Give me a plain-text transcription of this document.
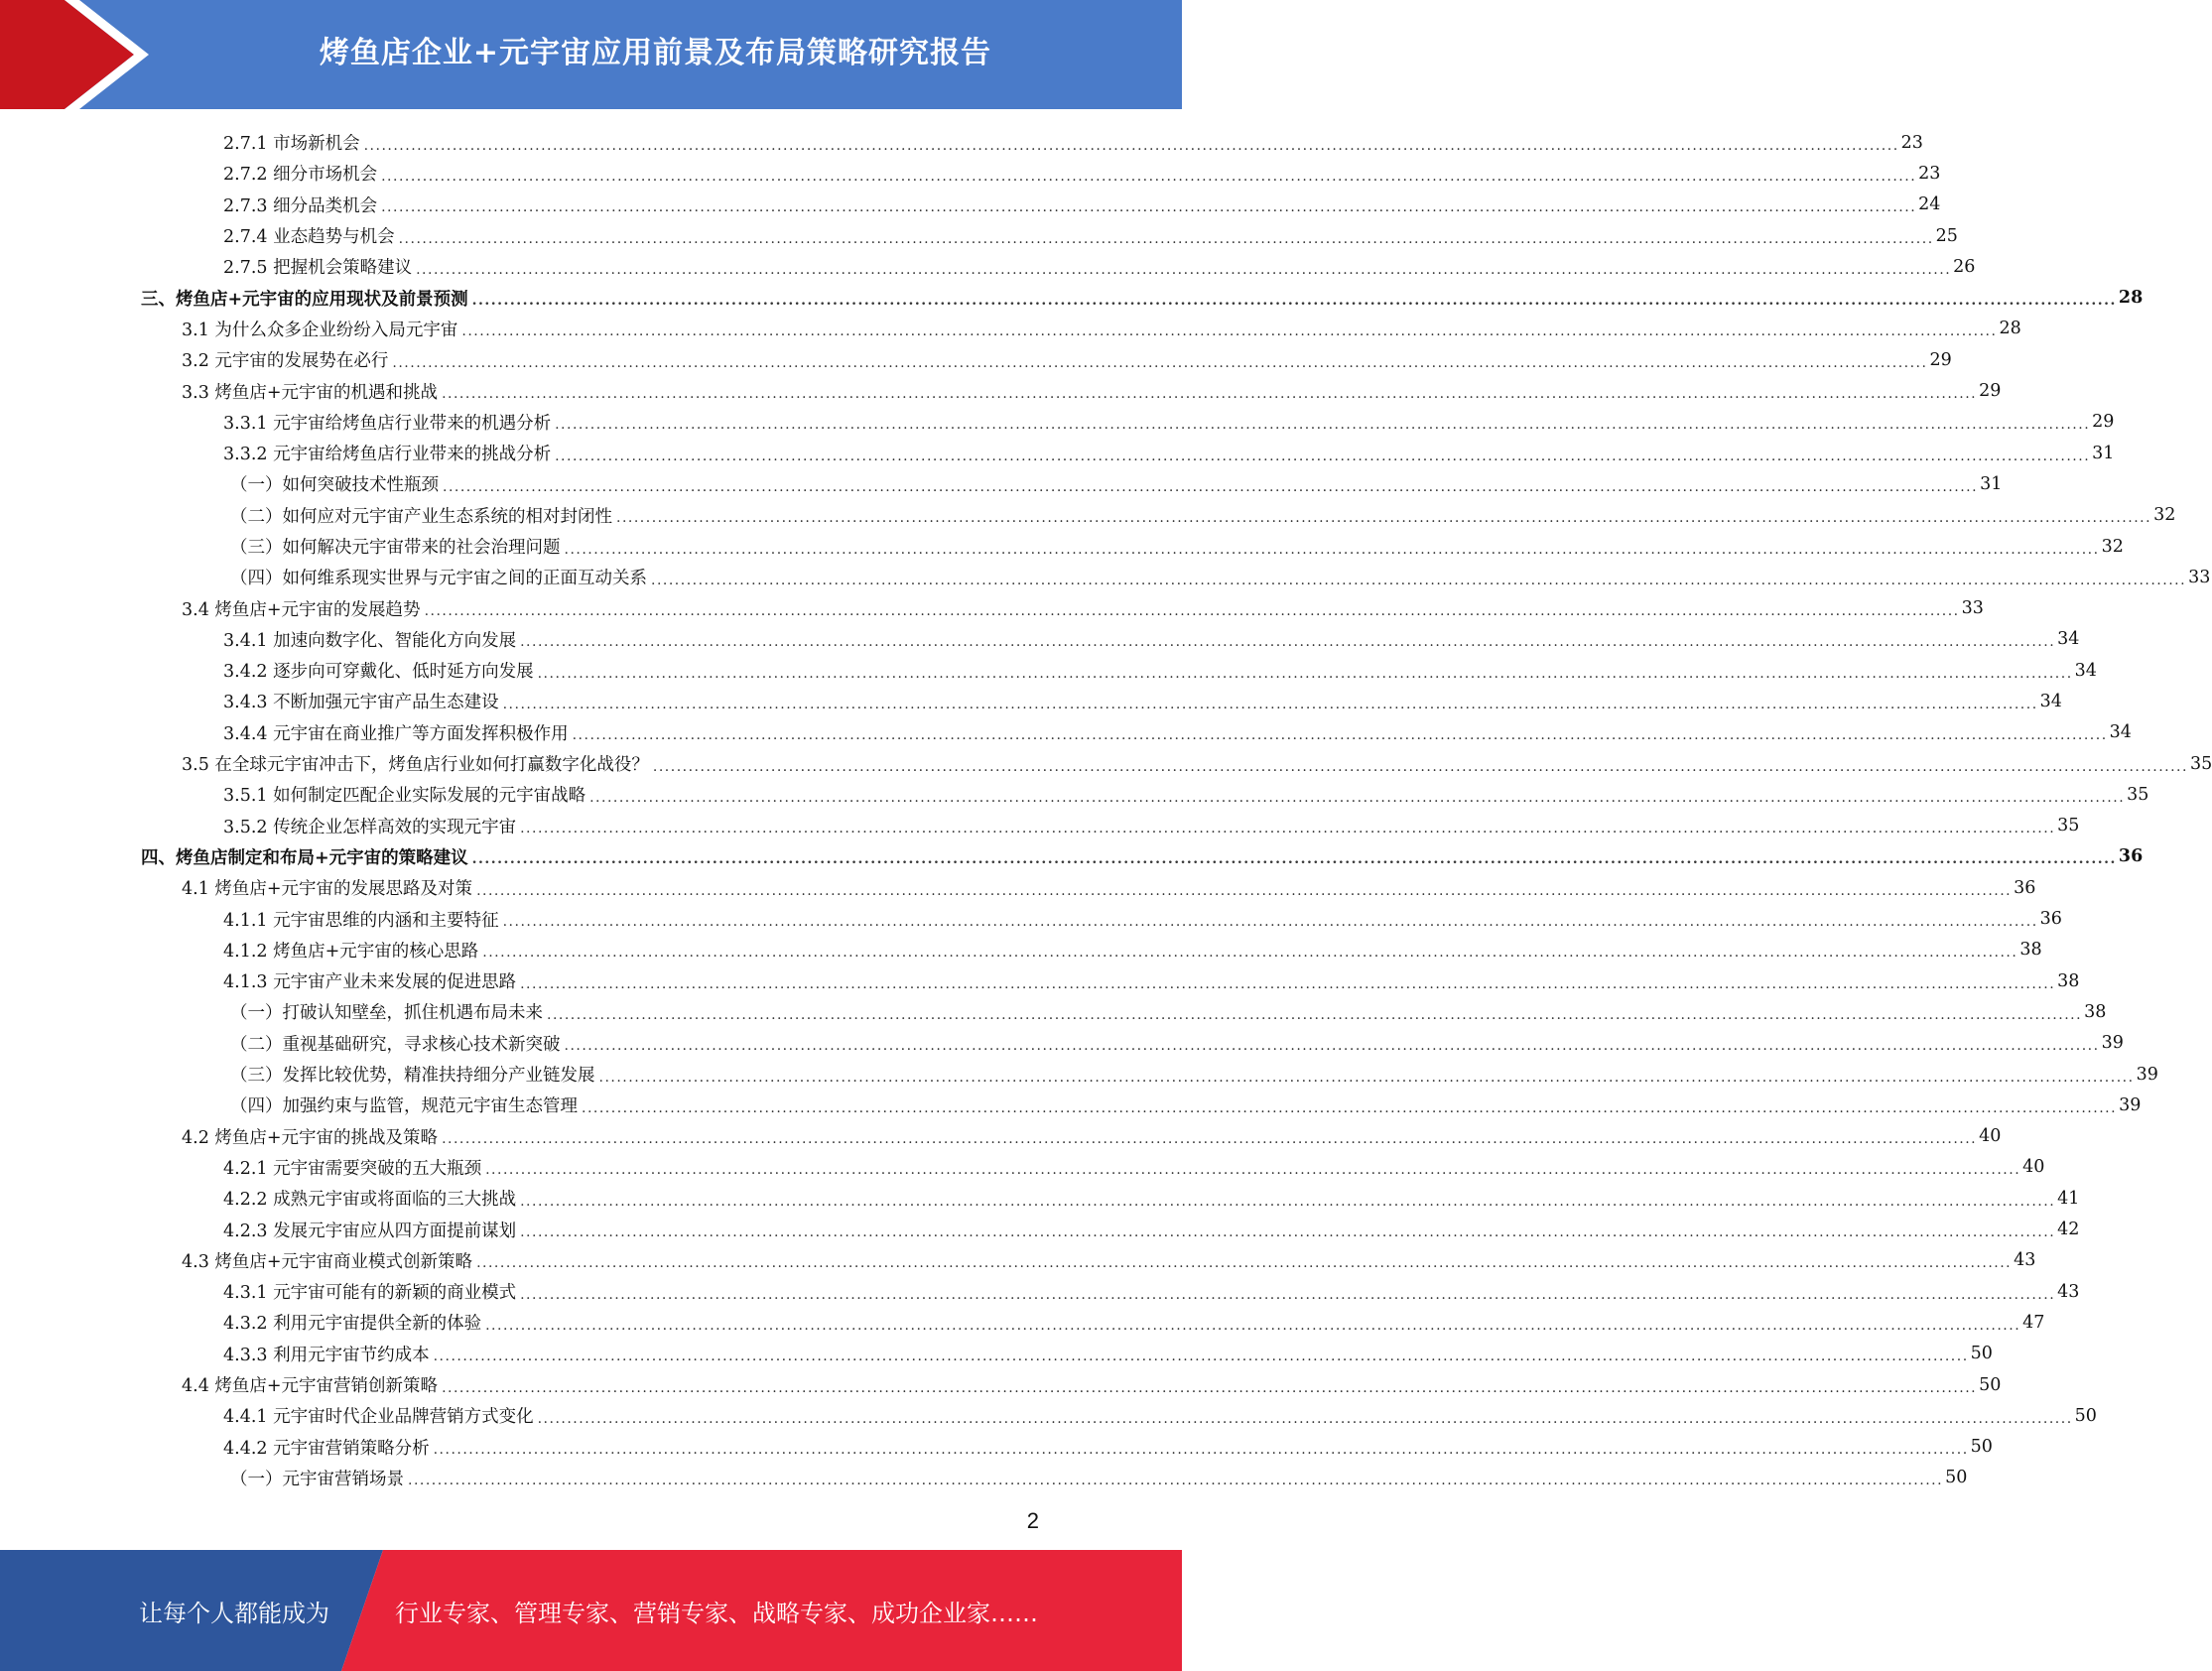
烤鱼店企业+元宇宙应用前景及布局策略研究报告
2.7.1 市场新机会 .................................................................................................................................................................................................................................................................... 23
2.7.2 细分市场机会 .................................................................................................................................................................................................................................................................... 23
2.7.3 细分品类机会 .................................................................................................................................................................................................................................................................... 24
2.7.4 业态趋势与机会 .................................................................................................................................................................................................................................................................... 25
2.7.5 把握机会策略建议 .................................................................................................................................................................................................................................................................... 26
三、烤鱼店+元宇宙的应用现状及前景预测 .................................................................................................................................................................................................................................................................... 28
3.1 为什么众多企业纷纷入局元宇宙 .................................................................................................................................................................................................................................................................... 28
3.2 元宇宙的发展势在必行 .................................................................................................................................................................................................................................................................... 29
3.3 烤鱼店+元宇宙的机遇和挑战 .................................................................................................................................................................................................................................................................... 29
3.3.1 元宇宙给烤鱼店行业带来的机遇分析 .................................................................................................................................................................................................................................................................... 29
3.3.2 元宇宙给烤鱼店行业带来的挑战分析 .................................................................................................................................................................................................................................................................... 31
（一）如何突破技术性瓶颈 .................................................................................................................................................................................................................................................................... 31
（二）如何应对元宇宙产业生态系统的相对封闭性 .................................................................................................................................................................................................................................................................... 32
（三）如何解决元宇宙带来的社会治理问题 .................................................................................................................................................................................................................................................................... 32
（四）如何维系现实世界与元宇宙之间的正面互动关系 .................................................................................................................................................................................................................................................................... 33
3.4 烤鱼店+元宇宙的发展趋势 .................................................................................................................................................................................................................................................................... 33
3.4.1 加速向数字化、智能化方向发展 .................................................................................................................................................................................................................................................................... 34
3.4.2 逐步向可穿戴化、低时延方向发展 .................................................................................................................................................................................................................................................................... 34
3.4.3 不断加强元宇宙产品生态建设 .................................................................................................................................................................................................................................................................... 34
3.4.4 元宇宙在商业推广等方面发挥积极作用 .................................................................................................................................................................................................................................................................... 34
3.5 在全球元宇宙冲击下，烤鱼店行业如何打赢数字化战役？ .................................................................................................................................................................................................................................................................... 35
3.5.1 如何制定匹配企业实际发展的元宇宙战略 .................................................................................................................................................................................................................................................................... 35
3.5.2 传统企业怎样高效的实现元宇宙 .................................................................................................................................................................................................................................................................... 35
四、烤鱼店制定和布局+元宇宙的策略建议 .................................................................................................................................................................................................................................................................... 36
4.1 烤鱼店+元宇宙的发展思路及对策 .................................................................................................................................................................................................................................................................... 36
4.1.1 元宇宙思维的内涵和主要特征 .................................................................................................................................................................................................................................................................... 36
4.1.2 烤鱼店+元宇宙的核心思路 .................................................................................................................................................................................................................................................................... 38
4.1.3 元宇宙产业未来发展的促进思路 .................................................................................................................................................................................................................................................................... 38
（一）打破认知壁垒，抓住机遇布局未来 .................................................................................................................................................................................................................................................................... 38
（二）重视基础研究，寻求核心技术新突破 .................................................................................................................................................................................................................................................................... 39
（三）发挥比较优势，精准扶持细分产业链发展 .................................................................................................................................................................................................................................................................... 39
（四）加强约束与监管，规范元宇宙生态管理 .................................................................................................................................................................................................................................................................... 39
4.2 烤鱼店+元宇宙的挑战及策略 .................................................................................................................................................................................................................................................................... 40
4.2.1 元宇宙需要突破的五大瓶颈 .................................................................................................................................................................................................................................................................... 40
4.2.2 成熟元宇宙或将面临的三大挑战 .................................................................................................................................................................................................................................................................... 41
4.2.3 发展元宇宙应从四方面提前谋划 .................................................................................................................................................................................................................................................................... 42
4.3 烤鱼店+元宇宙商业模式创新策略 .................................................................................................................................................................................................................................................................... 43
4.3.1 元宇宙可能有的新颖的商业模式 .................................................................................................................................................................................................................................................................... 43
4.3.2 利用元宇宙提供全新的体验 .................................................................................................................................................................................................................................................................... 47
4.3.3 利用元宇宙节约成本 .................................................................................................................................................................................................................................................................... 50
4.4 烤鱼店+元宇宙营销创新策略 .................................................................................................................................................................................................................................................................... 50
4.4.1 元宇宙时代企业品牌营销方式变化 .................................................................................................................................................................................................................................................................... 50
4.4.2 元宇宙营销策略分析 .................................................................................................................................................................................................................................................................... 50
（一）元宇宙营销场景 .................................................................................................................................................................................................................................................................... 50
2
让每个人都能成为	行业专家、管理专家、营销专家、战略专家、成功企业家……
